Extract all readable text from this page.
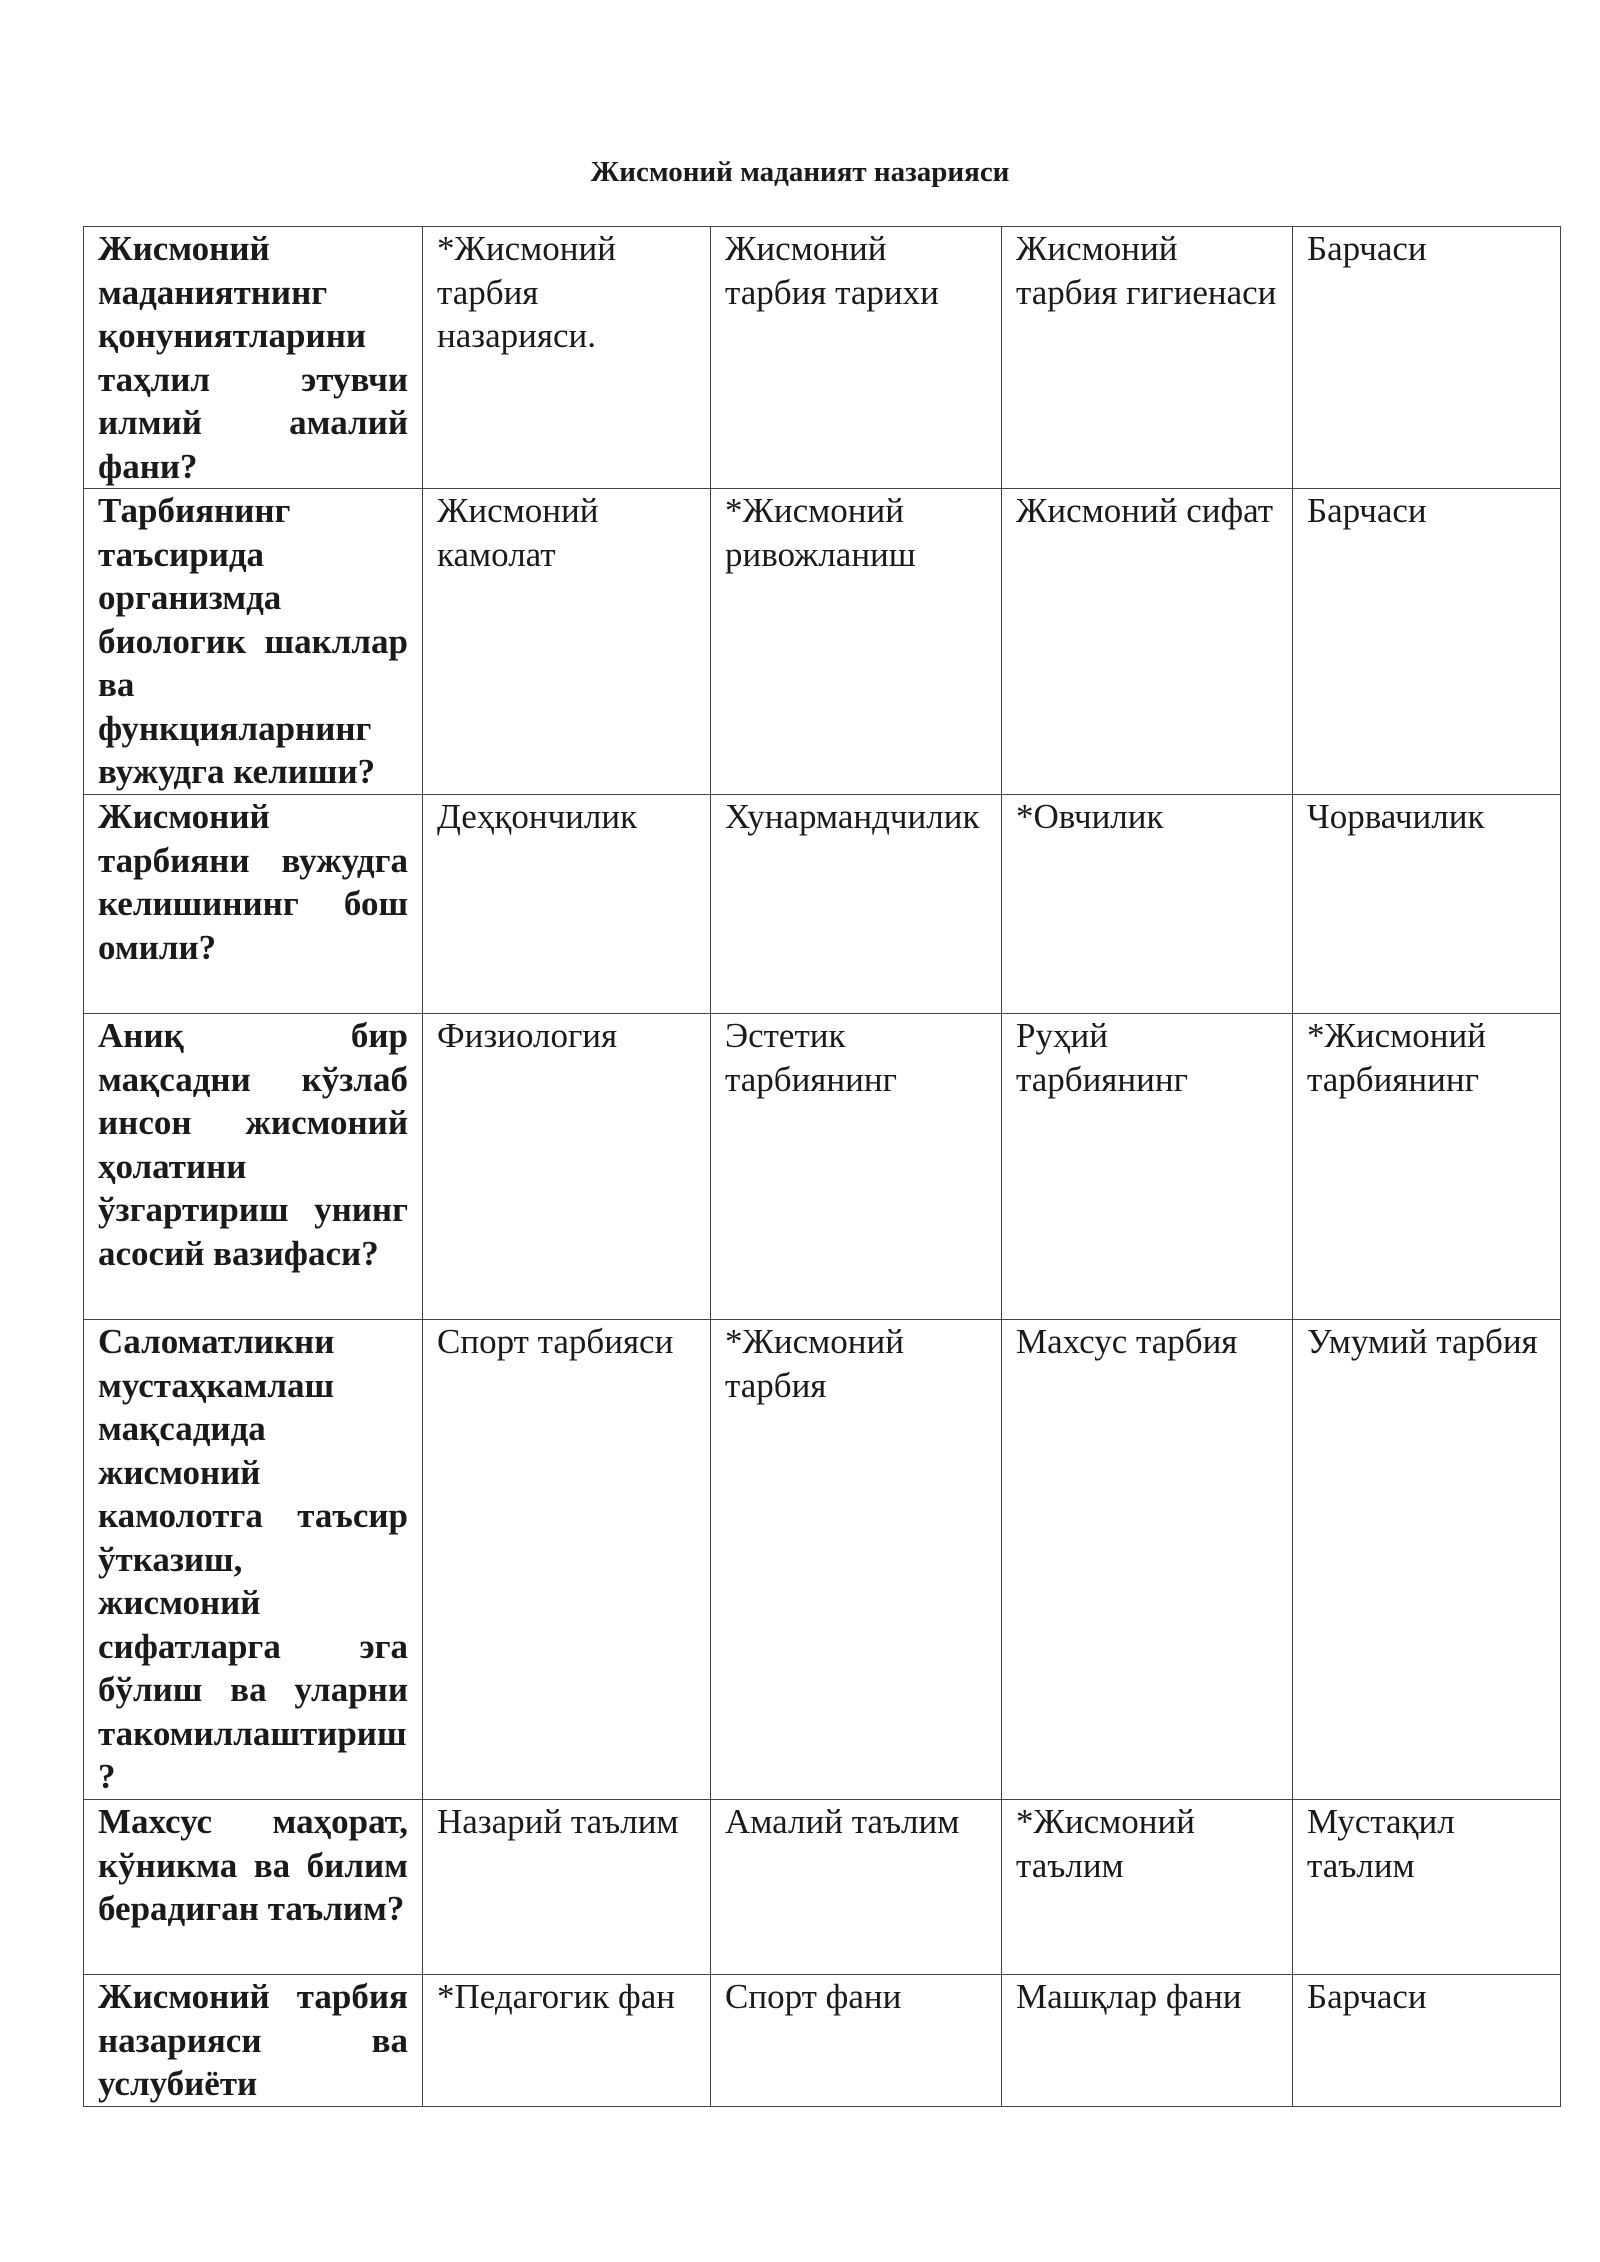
Жисмоний маданият назарияси
Жисмоний маданиятнинг қонуниятларини таҳлил этувчи илмий амалий фани?	*Жисмоний тарбия назарияси.	Жисмоний тарбия тарихи	Жисмоний тарбия гигиенаси	Барчаси
Тарбиянинг таъсирида организмда биологик шакллар ва функцияларнинг вужудга келиши?	Жисмоний камолат	*Жисмоний ривожланиш	Жисмоний сифат	Барчаси
Жисмоний тарбияни вужудга келишининг бош омили?	Деҳқончилик	Хунармандчилик	*Овчилик	Чорвачилик
Аниқ бир мақсадни кўзлаб инсон жисмоний ҳолатини ўзгартириш унинг асосий вазифаси?	Физиология	Эстетик тарбиянинг	Руҳий тарбиянинг	*Жисмоний тарбиянинг
Саломатликни мустаҳкамлаш мақсадида жисмоний камолотга таъсир ўтказиш, жисмоний сифатларга эга бўлиш ва уларни такомиллаштириш?	Спорт тарбияси	*Жисмоний тарбия	Махсус тарбия	Умумий тарбия
Махсус маҳорат, кўникма ва билим берадиган таълим?	Назарий таълим	Амалий таълим	*Жисмоний таълим	Мустақил таълим
Жисмоний тарбия назарияси ва услубиёти	*Педагогик фан	Спорт фани	Машқлар фани	Барчаси
